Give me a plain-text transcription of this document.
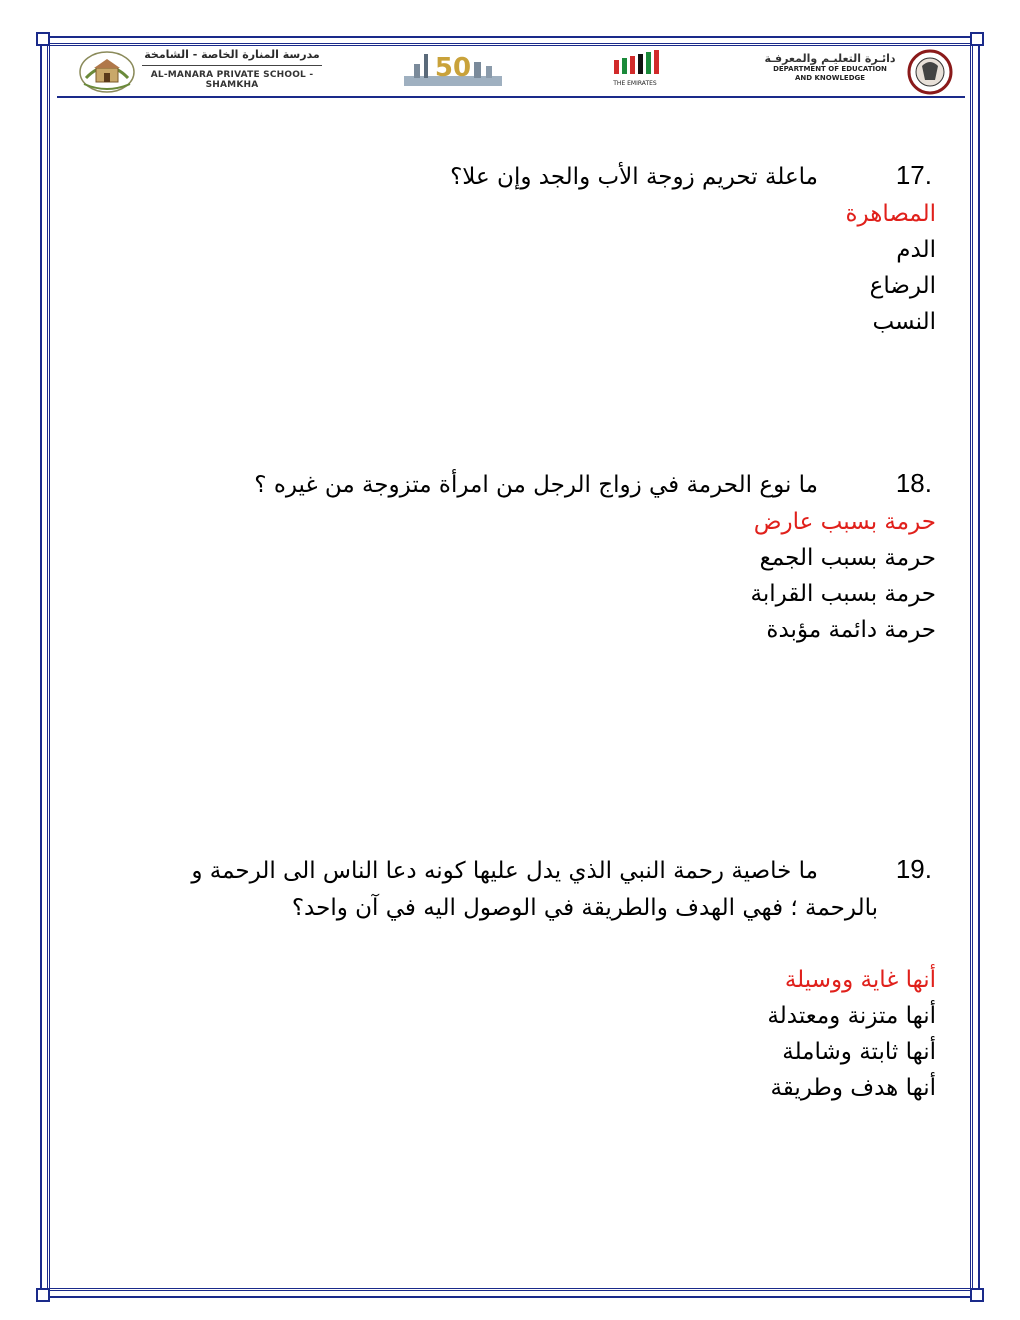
مدرسة المنارة الخاصة - الشامخة
AL-MANARA PRIVATE SCHOOL - SHAMKHA
50
THE EMIRATES
دائـرة التعليـم والمعرفـة
DEPARTMENT OF EDUCATION
AND KNOWLEDGE
17.
ماعلة تحريم زوجة الأب والجد وإن علا؟
المصاهرة
الدم
الرضاع
النسب
18.
ما نوع الحرمة في زواج الرجل من امرأة متزوجة من غيره ؟
حرمة بسبب عارض
حرمة بسبب الجمع
حرمة بسبب القرابة
حرمة دائمة مؤبدة
19.
ما خاصية رحمة النبي الذي يدل عليها كونه دعا الناس الى الرحمة و
بالرحمة ؛ فهي الهدف والطريقة في الوصول اليه في آن واحد؟
أنها غاية ووسيلة
أنها متزنة ومعتدلة
أنها ثابتة وشاملة
أنها هدف وطريقة
